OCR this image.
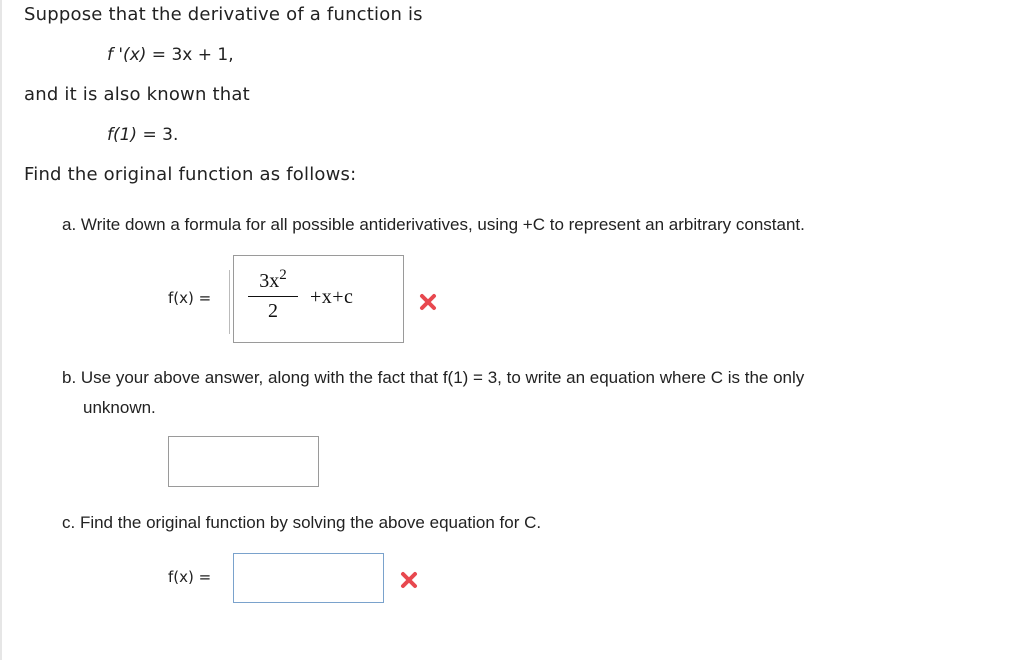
Suppose that the derivative of a function is
f '(x) = 3x + 1,
and it is also known that
f(1) = 3.
Find the original function as follows:
a. Write down a formula for all possible antiderivatives, using +C to represent an arbitrary constant.
f(x) =
$3x^2$
2
+x+c
b. Use your above answer, along with the fact that f(1) = 3, to write an equation where C is the only
unknown.
c. Find the original function by solving the above equation for C.
f(x) =
